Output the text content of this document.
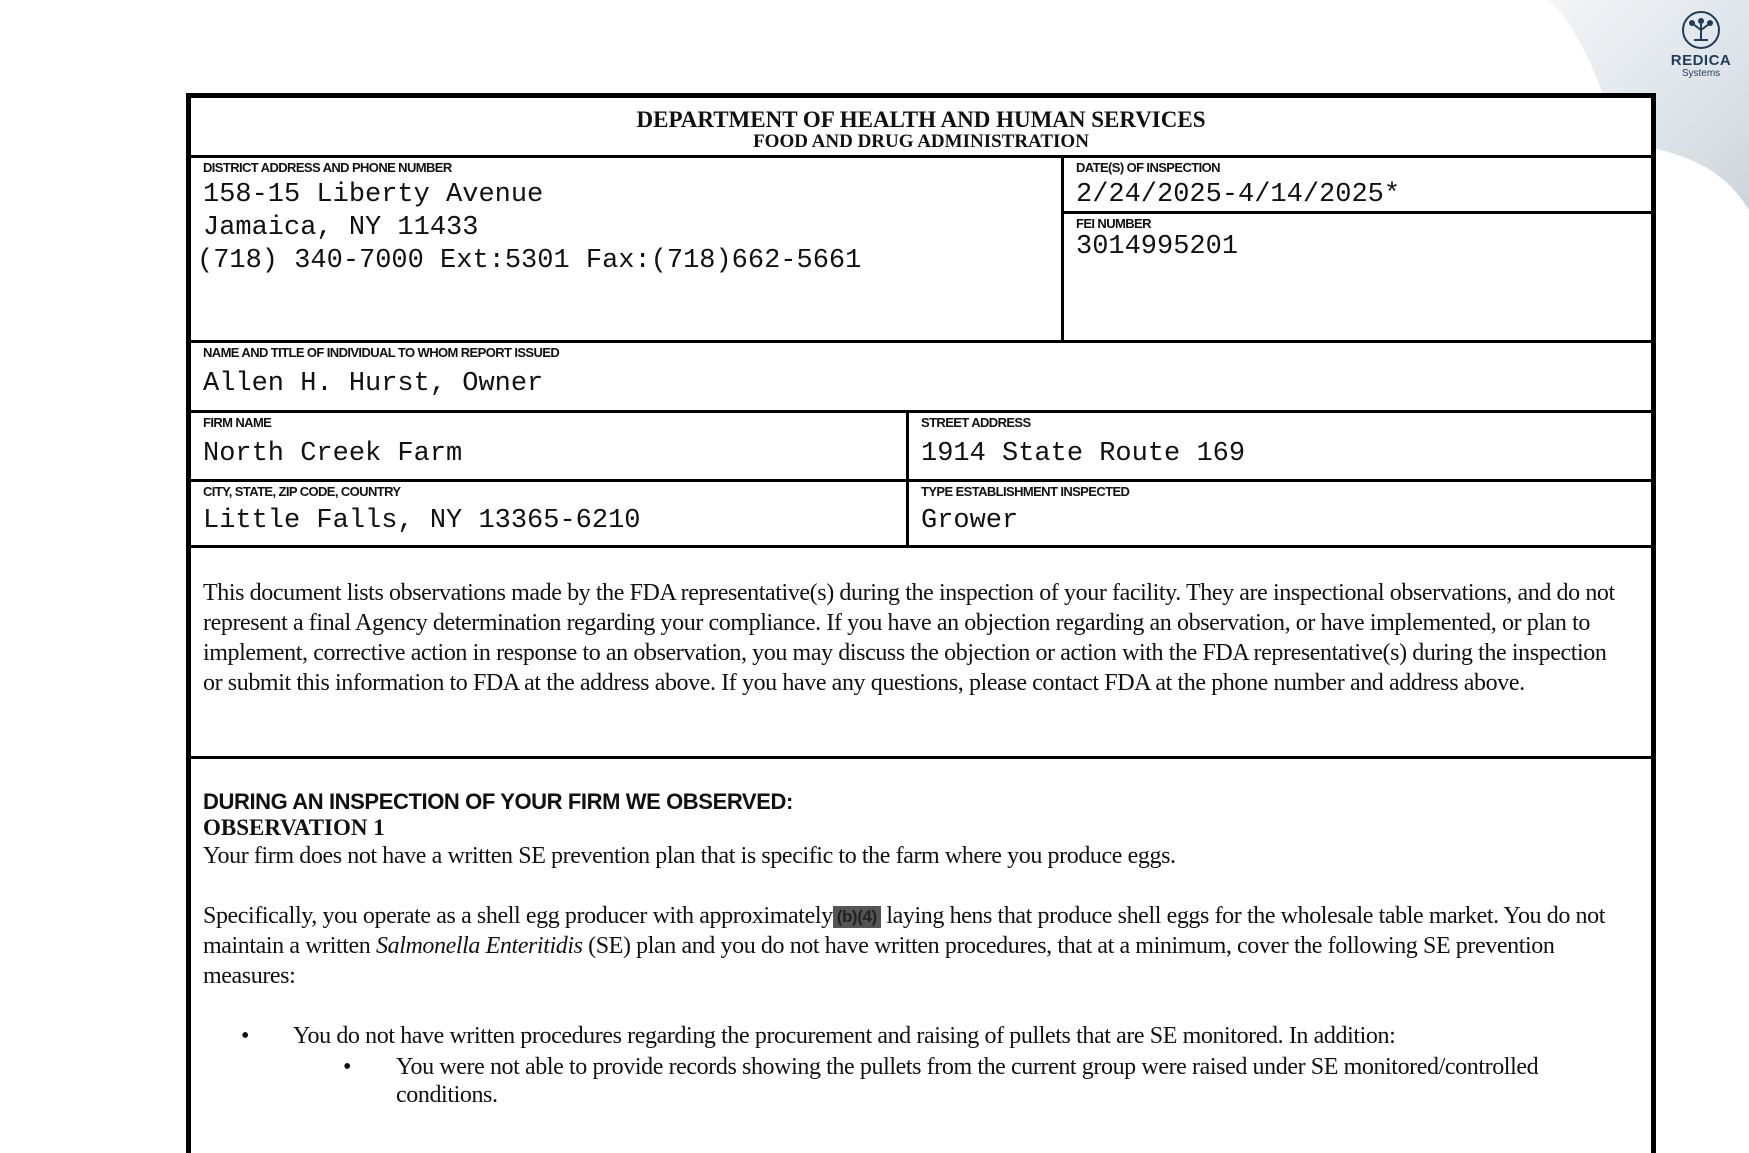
REDICA
Systems
DEPARTMENT OF HEALTH AND HUMAN SERVICES
FOOD AND DRUG ADMINISTRATION
DISTRICT ADDRESS AND PHONE NUMBER
158-15 Liberty Avenue
Jamaica, NY 11433
(718) 340-7000 Ext:5301 Fax:(718)662-5661
DATE(S) OF INSPECTION
2/24/2025-4/14/2025*
FEI NUMBER
3014995201
NAME AND TITLE OF INDIVIDUAL TO WHOM REPORT ISSUED
Allen H. Hurst, Owner
FIRM NAME
North Creek Farm
STREET ADDRESS
1914 State Route 169
CITY, STATE, ZIP CODE, COUNTRY
Little Falls, NY 13365-6210
TYPE ESTABLISHMENT INSPECTED
Grower
This document lists observations made by the FDA representative(s) during the inspection of your facility. They are inspectional observations, and do not represent a final Agency determination regarding your compliance. If you have an objection regarding an observation, or have implemented, or plan to implement, corrective action in response to an observation, you may discuss the objection or action with the FDA representative(s) during the inspection or submit this information to FDA at the address above. If you have any questions, please contact FDA at the phone number and address above.
DURING AN INSPECTION OF YOUR FIRM WE OBSERVED:
OBSERVATION 1
Your firm does not have a written SE prevention plan that is specific to the farm where you produce eggs.
Specifically, you operate as a shell egg producer with approximately (b)(4) laying hens that produce shell eggs for the wholesale table market. You do not maintain a written Salmonella Enteritidis (SE) plan and you do not have written procedures, that at a minimum, cover the following SE prevention measures:
• You do not have written procedures regarding the procurement and raising of pullets that are SE monitored. In addition:
• You were not able to provide records showing the pullets from the current group were raised under SE monitored/controlled conditions.
